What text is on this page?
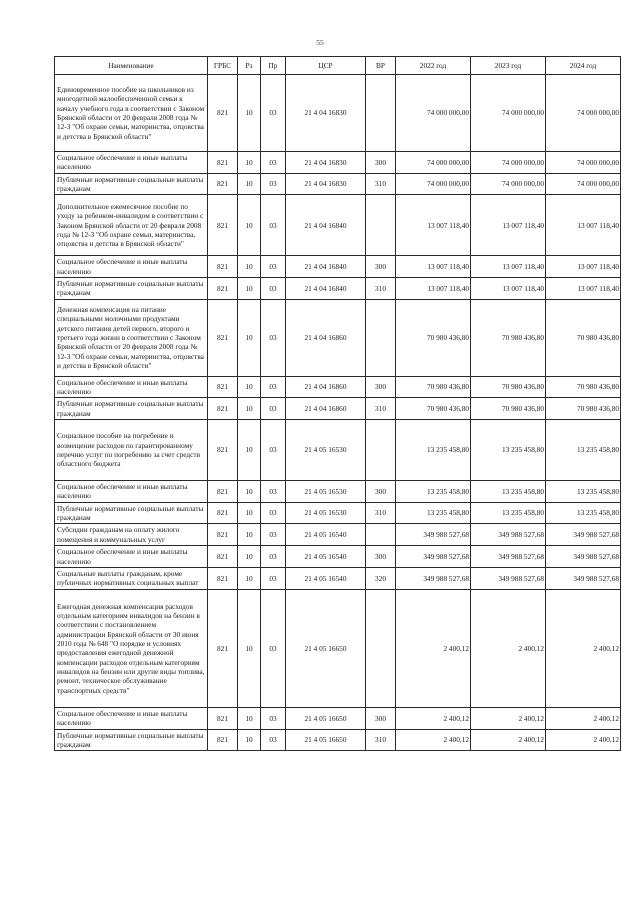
55
Наименование	ГРБС	Рз	Пр	ЦСР	ВР	2022 год	2023 год	2024 год
Единовременное пособие на школьников из многодетной малообеспеченной семьи к началу учебного года в соответствии с Законом Брянской области от 20 февраля 2008 года № 12-З "Об охране семьи, материнства, отцовства и детства в Брянской области"	821	10	03	21 4 04 16830		74 000 000,00	74 000 000,00	74 000 000,00
Социальное обеспечение и иные выплаты населению	821	10	03	21 4 04 16830	300	74 000 000,00	74 000 000,00	74 000 000,00
Публичные нормативные социальные выплаты гражданам	821	10	03	21 4 04 16830	310	74 000 000,00	74 000 000,00	74 000 000,00
Дополнительное ежемесячное пособие по уходу за ребенком-инвалидом в соответствии с Законом Брянской области от 20 февраля 2008 года № 12-З "Об охране семьи, материнства, отцовства и детства в Брянской области"	821	10	03	21 4 04 16840		13 007 118,40	13 007 118,40	13 007 118,40
Социальное обеспечение и иные выплаты населению	821	10	03	21 4 04 16840	300	13 007 118,40	13 007 118,40	13 007 118,40
Публичные нормативные социальные выплаты гражданам	821	10	03	21 4 04 16840	310	13 007 118,40	13 007 118,40	13 007 118,40
Денежная компенсация на питание специальными молочными продуктами детского питания детей первого, второго и третьего года жизни в соответствии с Законом Брянской области от 20 февраля 2008 года № 12-З "Об охране семьи, материнства, отцовства и детства в Брянской области"	821	10	03	21 4 04 16860		70 980 436,80	70 980 436,80	70 980 436,80
Социальное обеспечение и иные выплаты населению	821	10	03	21 4 04 16860	300	70 980 436,80	70 980 436,80	70 980 436,80
Публичные нормативные социальные выплаты гражданам	821	10	03	21 4 04 16860	310	70 980 436,80	70 980 436,80	70 980 436,80
Социальное пособие на погребение и возмещение расходов по гарантированному перечню услуг по погребению за счет средств областного бюджета	821	10	03	21 4 05 16530		13 235 458,80	13 235 458,80	13 235 458,80
Социальное обеспечение и иные выплаты населению	821	10	03	21 4 05 16530	300	13 235 458,80	13 235 458,80	13 235 458,80
Публичные нормативные социальные выплаты гражданам	821	10	03	21 4 05 16530	310	13 235 458,80	13 235 458,80	13 235 458,80
Субсидии гражданам на оплату жилого помещения и коммунальных услуг	821	10	03	21 4 05 16540		349 988 527,68	349 988 527,68	349 988 527,68
Социальное обеспечение и иные выплаты населению	821	10	03	21 4 05 16540	300	349 988 527,68	349 988 527,68	349 988 527,68
Социальные выплаты гражданам, кроме публичных нормативных социальных выплат	821	10	03	21 4 05 16540	320	349 988 527,68	349 988 527,68	349 988 527,68
Ежегодная денежная компенсация расходов отдельным категориям инвалидов на бензин в соответствии с постановлением администрации Брянской области от 30 июня 2010 года № 648 "О порядке и условиях предоставления ежегодной денежной компенсации расходов отдельным категориям инвалидов на бензин или другие виды топлива, ремонт, техническое обслуживание транспортных средств"	821	10	03	21 4 05 16650		2 400,12	2 400,12	2 400,12
Социальное обеспечение и иные выплаты населению	821	10	03	21 4 05 16650	300	2 400,12	2 400,12	2 400,12
Публичные нормативные социальные выплаты гражданам	821	10	03	21 4 05 16650	310	2 400,12	2 400,12	2 400,12
